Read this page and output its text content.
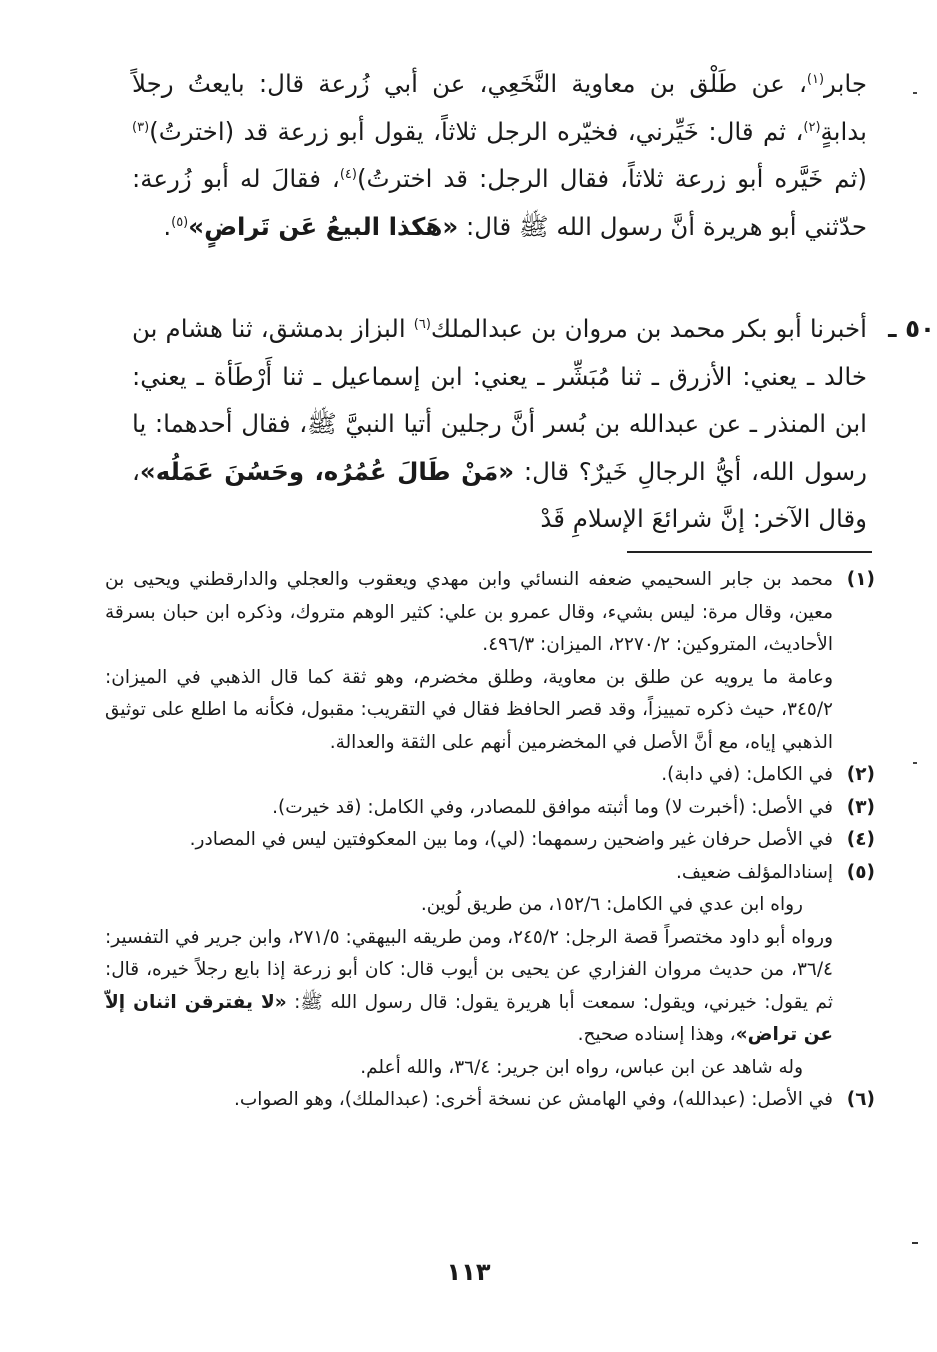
جابر$^{(١)}$، عن طَلْق بن معاوية النَّخَعِي، عن أبي زُرعة قال: بايعتُ رجلاً بدابةٍ$^{(٢)}$، ثم قال: خَيِّرني، فخيّره الرجل ثلاثاً، يقول أبو زرعة قد (اخترتُ)$^{(٣)}$ (ثم خَيَّره أبو زرعة ثلاثاً، فقال الرجل: قد اخترتُ)$^{(٤)}$، فقالَ له أبو زُرعة: حدّثني أبو هريرة أنَّ رسول الله ﷺ قال: «هَكذا البيعُ عَن تَراضٍ»$^{(٥)}$.

٥٠ ـ

أخبرنا أبو بكر محمد بن مروان بن عبدالملك$^{(٦)}$ البزاز بدمشق، ثنا هشام بن خالد ـ يعني: الأزرق ـ ثنا مُبَشِّر ـ يعني: ابن إسماعيل ـ ثنا أَرْطَأة ـ يعني: ابن المنذر ـ عن عبدالله بن بُسر أنَّ رجلين أتيا النبيَّ ﷺ، فقال أحدهما: يا رسول الله، أيُّ الرجالِ خَيرٌ؟ قال: «مَنْ طَالَ عُمُرُه، وحَسُنَ عَمَلُه»، وقال الآخر: إنَّ شرائعَ الإسلامِ قَدْ

(١)

محمد بن جابر السحيمي ضعفه النسائي وابن مهدي ويعقوب والعجلي والدارقطني ويحيى بن معين، وقال مرة: ليس بشيء، وقال عمرو بن علي: كثير الوهم متروك، وذكره ابن حبان بسرقة الأحاديث، المتروكين: ٢٢٧٠/٢، الميزان: ٤٩٦/٣.

وعامة ما يرويه عن طلق بن معاوية، وطلق مخضرم، وهو ثقة كما قال الذهبي في الميزان: ٣٤٥/٢، حيث ذكره تمييزاً، وقد قصر الحافظ فقال في التقريب: مقبول، فكأنه ما اطلع على توثيق الذهبي إياه، مع أنَّ الأصل في المخضرمين أنهم على الثقة والعدالة.

(٢)

في الكامل: (في دابة).

(٣)

في الأصل: (أخبرت لا) وما أثبته موافق للمصادر، وفي الكامل: (قد خيرت).

(٤)

في الأصل حرفان غير واضحين رسمهما: (لي)، وما بين المعكوفتين ليس في المصادر.

(٥)

إسنادالمؤلف ضعيف.

رواه ابن عدي في الكامل: ١٥٢/٦، من طريق لُوين.

ورواه أبو داود مختصراً قصة الرجل: ٢٤٥/٢، ومن طريقه البيهقي: ٢٧١/٥، وابن جرير في التفسير: ٣٦/٤، من حديث مروان الفزاري عن يحيى بن أيوب قال: كان أبو زرعة إذا بايع رجلاً خيره، قال: ثم يقول: خيرني، ويقول: سمعت أبا هريرة يقول: قال رسول الله ﷺ: «لا يفترقن اثنان إلاّ عن تراض»، وهذا إسناده صحيح.

وله شاهد عن ابن عباس، رواه ابن جرير: ٣٦/٤، والله أعلم.

(٦)

في الأصل: (عبدالله)، وفي الهامش عن نسخة أخرى: (عبدالملك)، وهو الصواب.

١١٣
